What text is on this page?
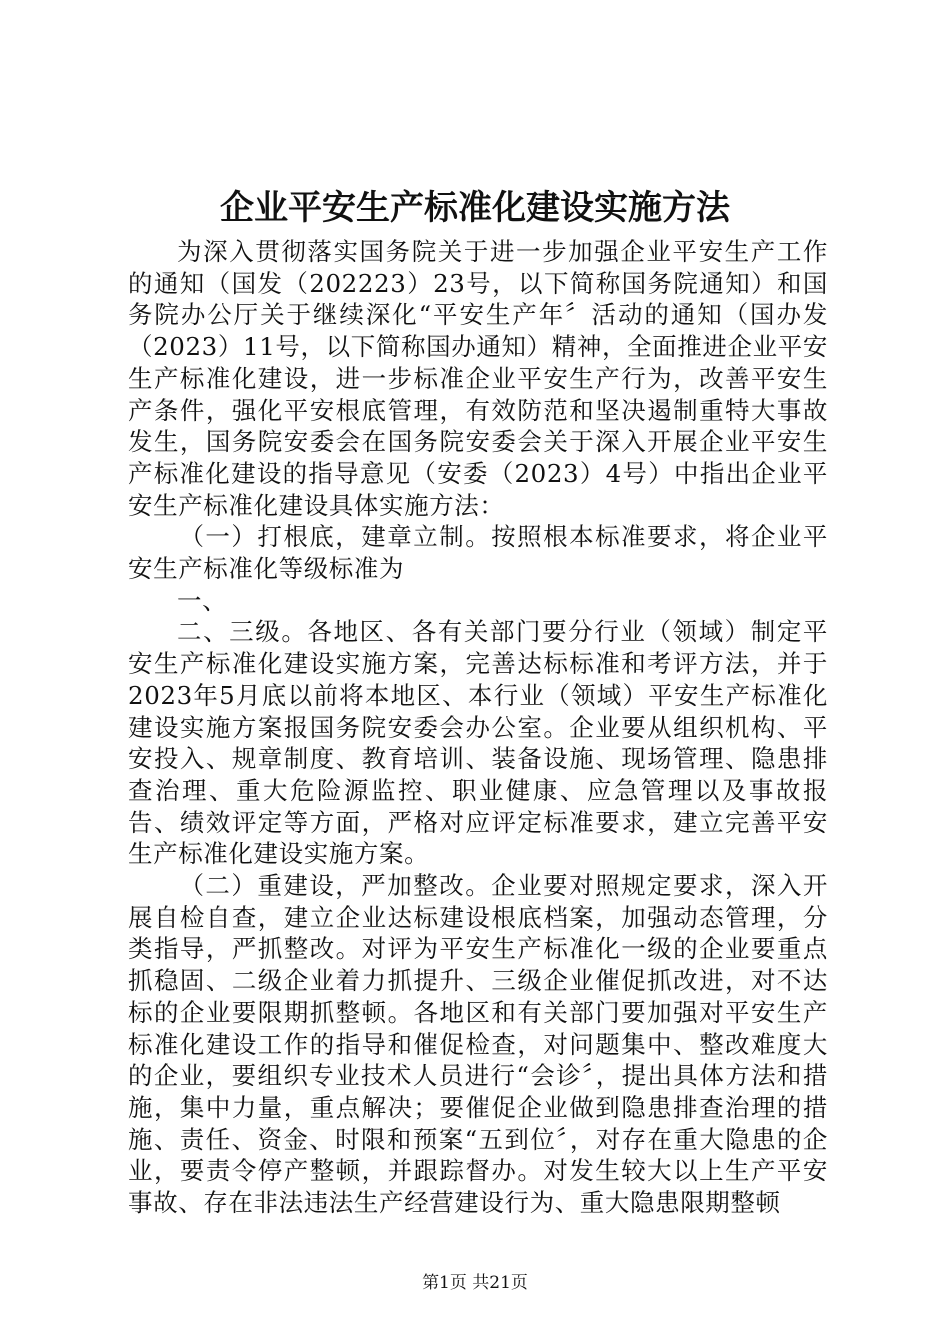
企业平安生产标准化建设实施方法

为深入贯彻落实国务院关于进一步加强企业平安生产工作的通知（国发（202223）23号，以下简称国务院通知）和国务院办公厅关于继续深化“平安生产年〞活动的通知（国办发（2023）11号，以下简称国办通知）精神，全面推进企业平安生产标准化建设，进一步标准企业平安生产行为，改善平安生产条件，强化平安根底管理，有效防范和坚决遏制重特大事故发生，国务院安委会在国务院安委会关于深入开展企业平安生产标准化建设的指导意见（安委（2023）4号）中指出企业平安生产标准化建设具体实施方法：

（一）打根底，建章立制。按照根本标准要求，将企业平安生产标准化等级标准为

一、

二、三级。各地区、各有关部门要分行业（领域）制定平安生产标准化建设实施方案，完善达标标准和考评方法，并于2023年5月底以前将本地区、本行业（领域）平安生产标准化建设实施方案报国务院安委会办公室。企业要从组织机构、平安投入、规章制度、教育培训、装备设施、现场管理、隐患排查治理、重大危险源监控、职业健康、应急管理以及事故报告、绩效评定等方面，严格对应评定标准要求，建立完善平安生产标准化建设实施方案。

（二）重建设，严加整改。企业要对照规定要求，深入开展自检自查，建立企业达标建设根底档案，加强动态管理，分类指导，严抓整改。对评为平安生产标准化一级的企业要重点抓稳固、二级企业着力抓提升、三级企业催促抓改进，对不达标的企业要限期抓整顿。各地区和有关部门要加强对平安生产标准化建设工作的指导和催促检查，对问题集中、整改难度大的企业，要组织专业技术人员进行“会诊〞，提出具体方法和措施，集中力量，重点解决；要催促企业做到隐患排查治理的措施、责任、资金、时限和预案“五到位〞，对存在重大隐患的企业，要责令停产整顿，并跟踪督办。对发生较大以上生产平安事故、存在非法违法生产经营建设行为、重大隐患限期整顿

第1页 共21页
